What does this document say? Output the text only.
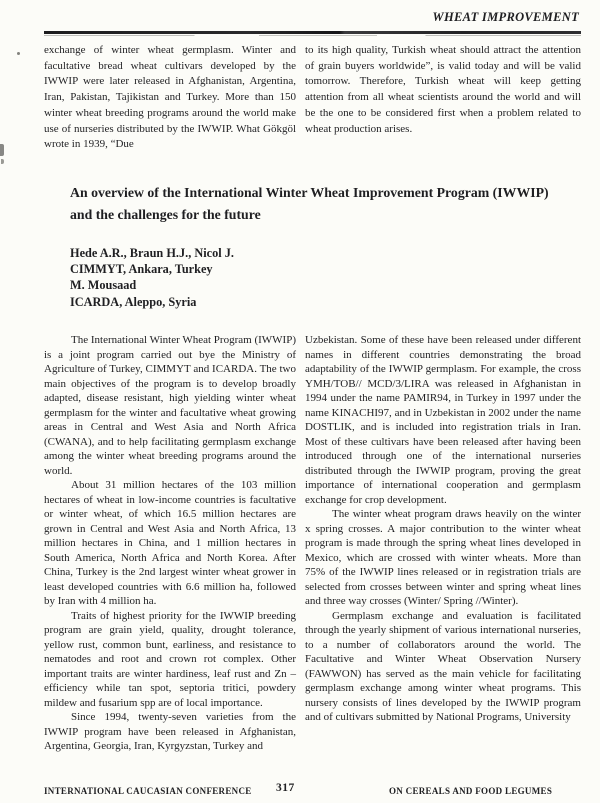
WHEAT IMPROVEMENT

exchange of winter wheat germplasm. Winter and facultative bread wheat cultivars developed by the IWWIP were later released in Afghanistan, Argentina, Iran, Pakistan, Tajikistan and Turkey. More than 150 winter wheat breeding programs around the world make use of nurseries distributed by the IWWIP. What Gökgöl wrote in 1939, “Due

to its high quality, Turkish wheat should attract the attention of grain buyers worldwide”, is valid today and will be valid tomorrow. Therefore, Turkish wheat will keep getting attention from all wheat scientists around the world and will be the one to be considered first when a problem related to wheat production arises.

An overview of the International Winter Wheat Improvement Program (IWWIP) and the challenges for the future
Hede A.R., Braun H.J., Nicol J.
CIMMYT, Ankara, Turkey
M. Mousaad
ICARDA, Aleppo, Syria

The International Winter Wheat Program (IWWIP) is a joint program carried out bye the Ministry of Agriculture of Turkey, CIMMYT and ICARDA. The two main objectives of the program is to develop broadly adapted, disease resistant, high yielding winter wheat germplasm for the winter and facultative wheat growing areas in Central and West Asia and North Africa (CWANA), and to help facilitating germplasm exchange among the winter wheat breeding programs around the world.

About 31 million hectares of the 103 million hectares of wheat in low-income countries is facultative or winter wheat, of which 16.5 million hectares are grown in Central and West Asia and North Africa, 13 million hectares in China, and 1 million hectares in South America, North Africa and North Korea. After China, Turkey is the 2nd largest winter wheat grower in least developed countries with 6.6 million ha, followed by Iran with 4 million ha.

Traits of highest priority for the IWWIP breeding program are grain yield, quality, drought tolerance, yellow rust, common bunt, earliness, and resistance to nematodes and root and crown rot complex. Other important traits are winter hardiness, leaf rust and Zn –efficiency while tan spot, septoria tritici, powdery mildew and fusarium spp are of local importance.

Since 1994, twenty-seven varieties from the IWWIP program have been released in Afghanistan, Argentina, Georgia, Iran, Kyrgyzstan, Turkey and

Uzbekistan. Some of these have been released under different names in different countries demonstrating the broad adaptability of the IWWIP germplasm. For example, the cross YMH/TOB// MCD/3/LIRA was released in Afghanistan in 1994 under the name PAMIR94, in Turkey in 1997 under the name KINACHI97, and in Uzbekistan in 2002 under the name DOSTLIK, and is included into registration trials in Iran. Most of these cultivars have been released after having been introduced through one of the international nurseries distributed through the IWWIP program, proving the great importance of international cooperation and germplasm exchange for crop development.

The winter wheat program draws heavily on the winter x spring crosses. A major contribution to the winter wheat program is made through the spring wheat lines developed in Mexico, which are crossed with winter wheats. More than 75% of the IWWIP lines released or in registration trials are selected from crosses between winter and spring wheat lines and three way crosses (Winter/ Spring //Winter).

Germplasm exchange and evaluation is facilitated through the yearly shipment of various international nurseries, to a number of collaborators around the world. The Facultative and Winter Wheat Observation Nursery (FAWWON) has served as the main vehicle for facilitating germplasm exchange among winter wheat programs. This nursery consists of lines developed by the IWWIP program and of cultivars submitted by National Programs, University

INTERNATIONAL CAUCASIAN CONFERENCE 317	ON CEREALS AND FOOD LEGUMES
